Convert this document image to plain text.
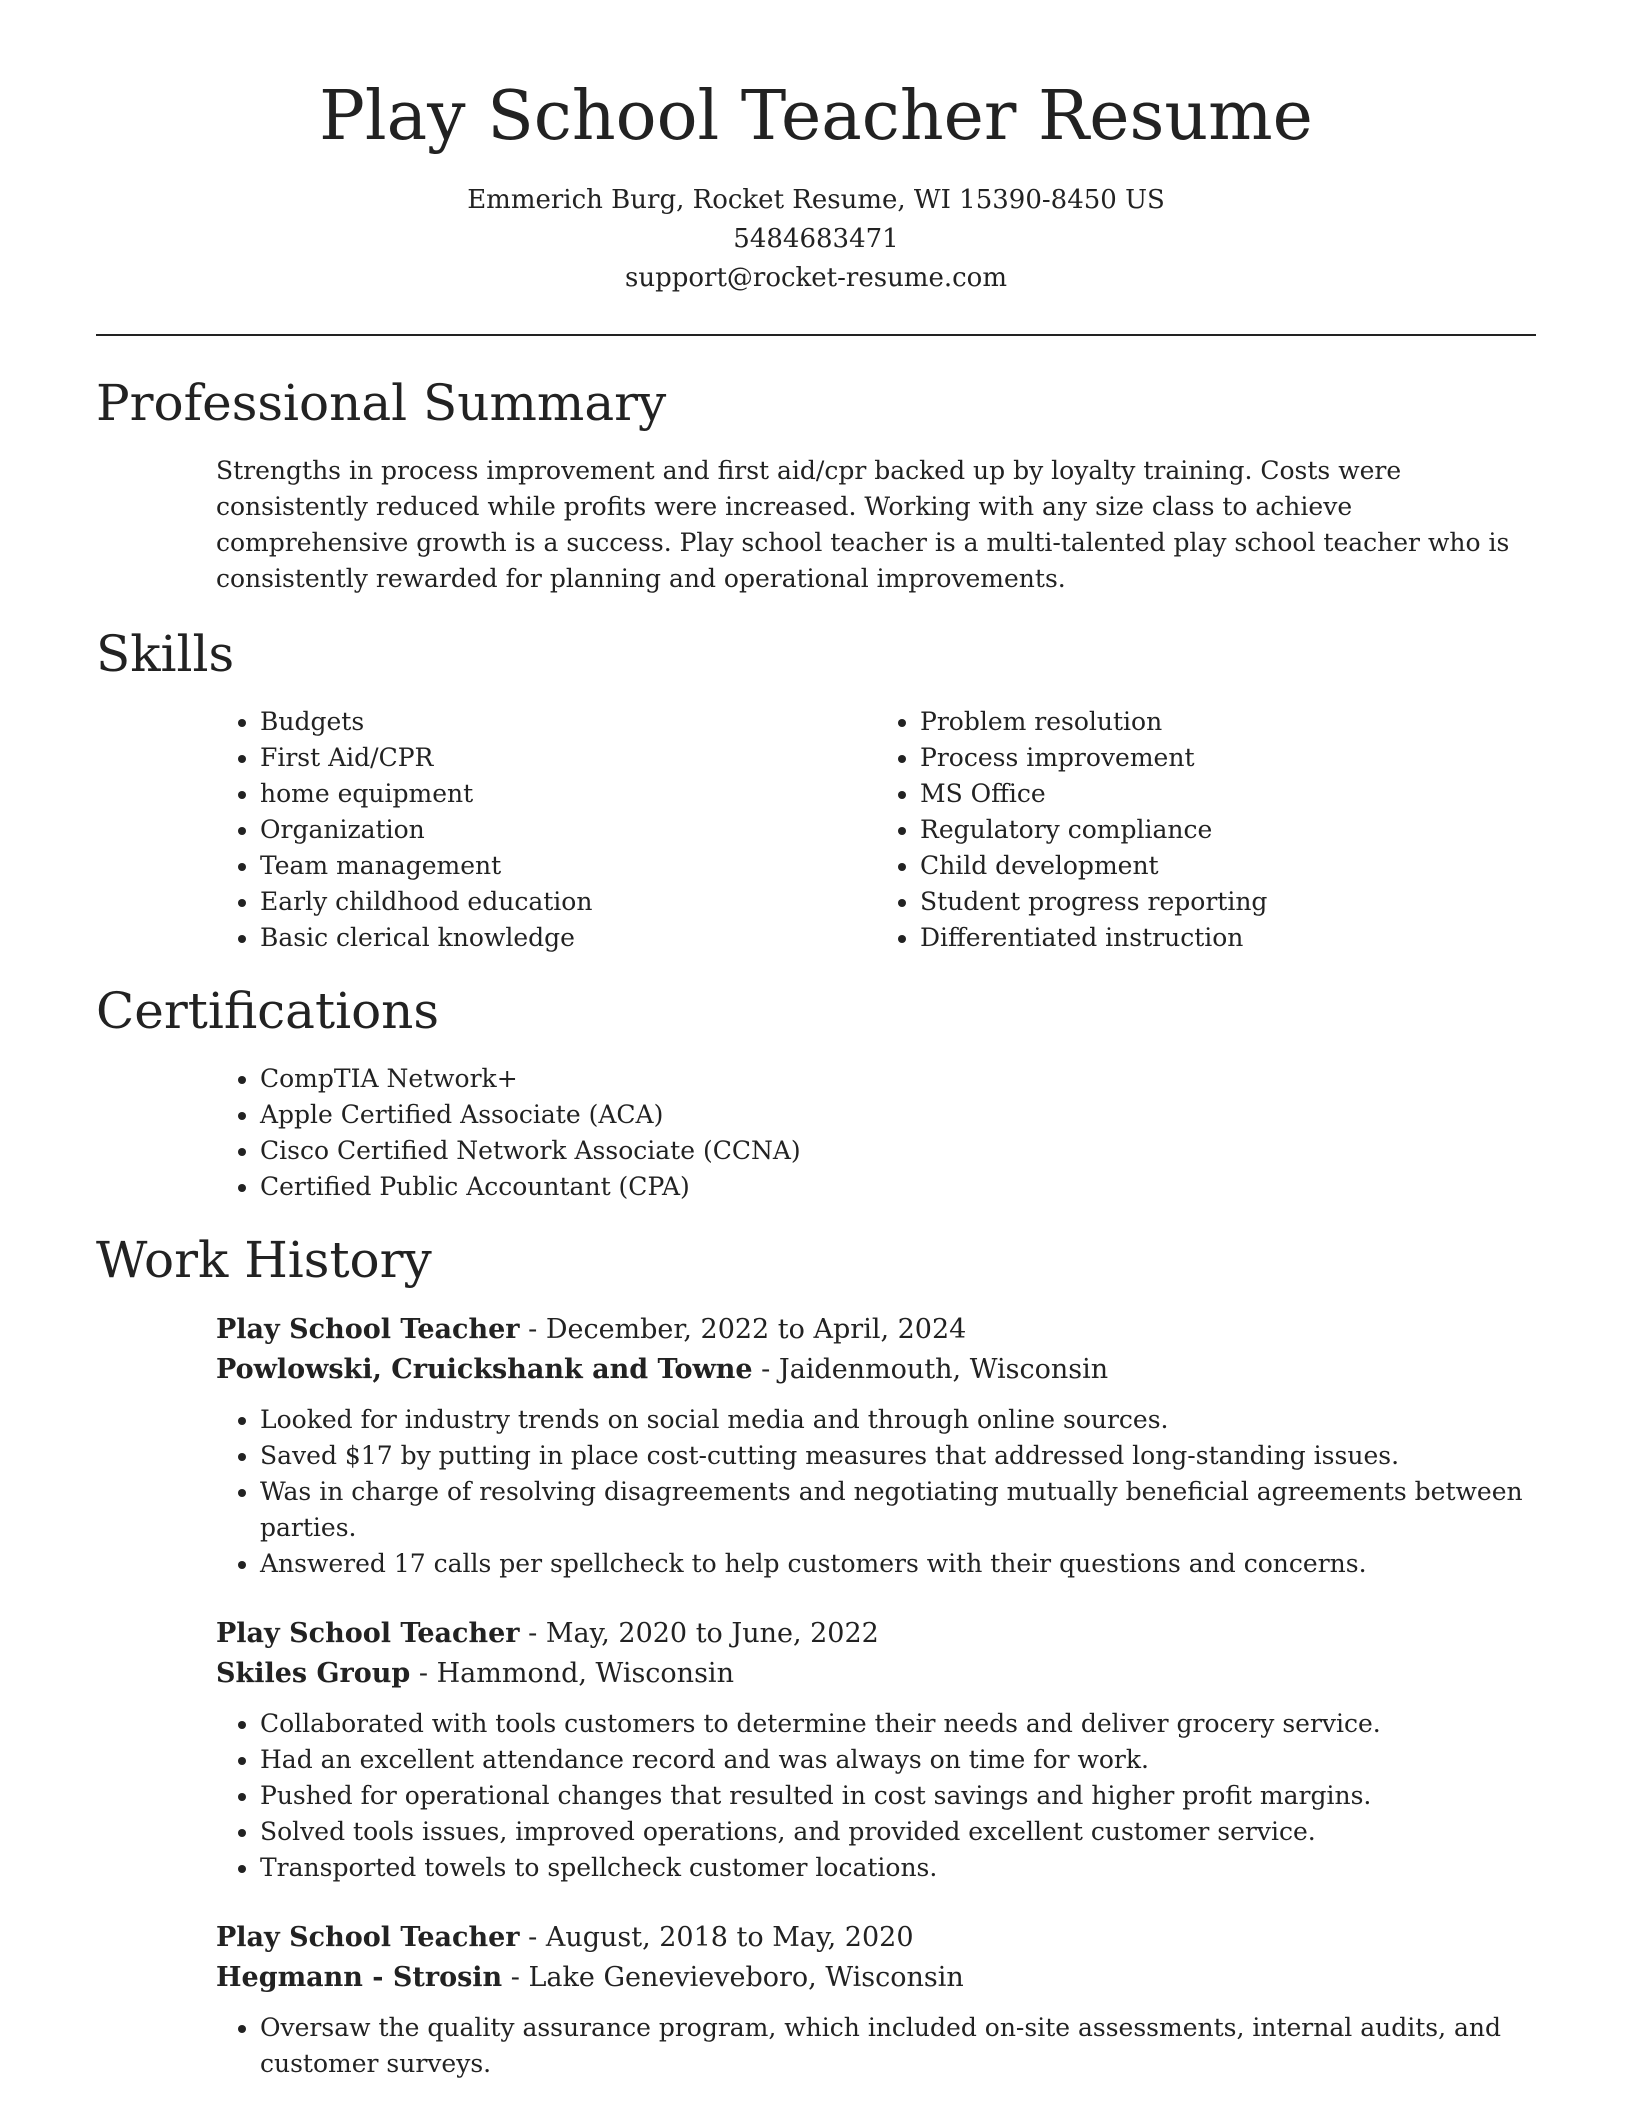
Play School Teacher Resume

Emmerich Burg, Rocket Resume, WI 15390-8450 US

5484683471

support@rocket-resume.com

Professional Summary

Strengths in process improvement and first aid/cpr backed up by loyalty training. Costs were consistently reduced while profits were increased. Working with any size class to achieve comprehensive growth is a success. Play school teacher is a multi-talented play school teacher who is consistently rewarded for planning and operational improvements.

Skills
• Budgets
• First Aid/CPR
• home equipment
• Organization
• Team management
• Early childhood education
• Basic clerical knowledge
• Problem resolution
• Process improvement
• MS Office
• Regulatory compliance
• Child development
• Student progress reporting
• Differentiated instruction
Certifications
• CompTIA Network+
• Apple Certified Associate (ACA)
• Cisco Certified Network Associate (CCNA)
• Certified Public Accountant (CPA)
Work History

Play School Teacher - December, 2022 to April, 2024

Powlowski, Cruickshank and Towne - Jaidenmouth, Wisconsin

• Looked for industry trends on social media and through online sources.
• Saved $17 by putting in place cost-cutting measures that addressed long-standing issues.
• Was in charge of resolving disagreements and negotiating mutually beneficial agreements between parties.
• Answered 17 calls per spellcheck to help customers with their questions and concerns.

Play School Teacher - May, 2020 to June, 2022

Skiles Group - Hammond, Wisconsin

• Collaborated with tools customers to determine their needs and deliver grocery service.
• Had an excellent attendance record and was always on time for work.
• Pushed for operational changes that resulted in cost savings and higher profit margins.
• Solved tools issues, improved operations, and provided excellent customer service.
• Transported towels to spellcheck customer locations.

Play School Teacher - August, 2018 to May, 2020

Hegmann - Strosin - Lake Genevieveboro, Wisconsin

• Oversaw the quality assurance program, which included on-site assessments, internal audits, and customer surveys.
